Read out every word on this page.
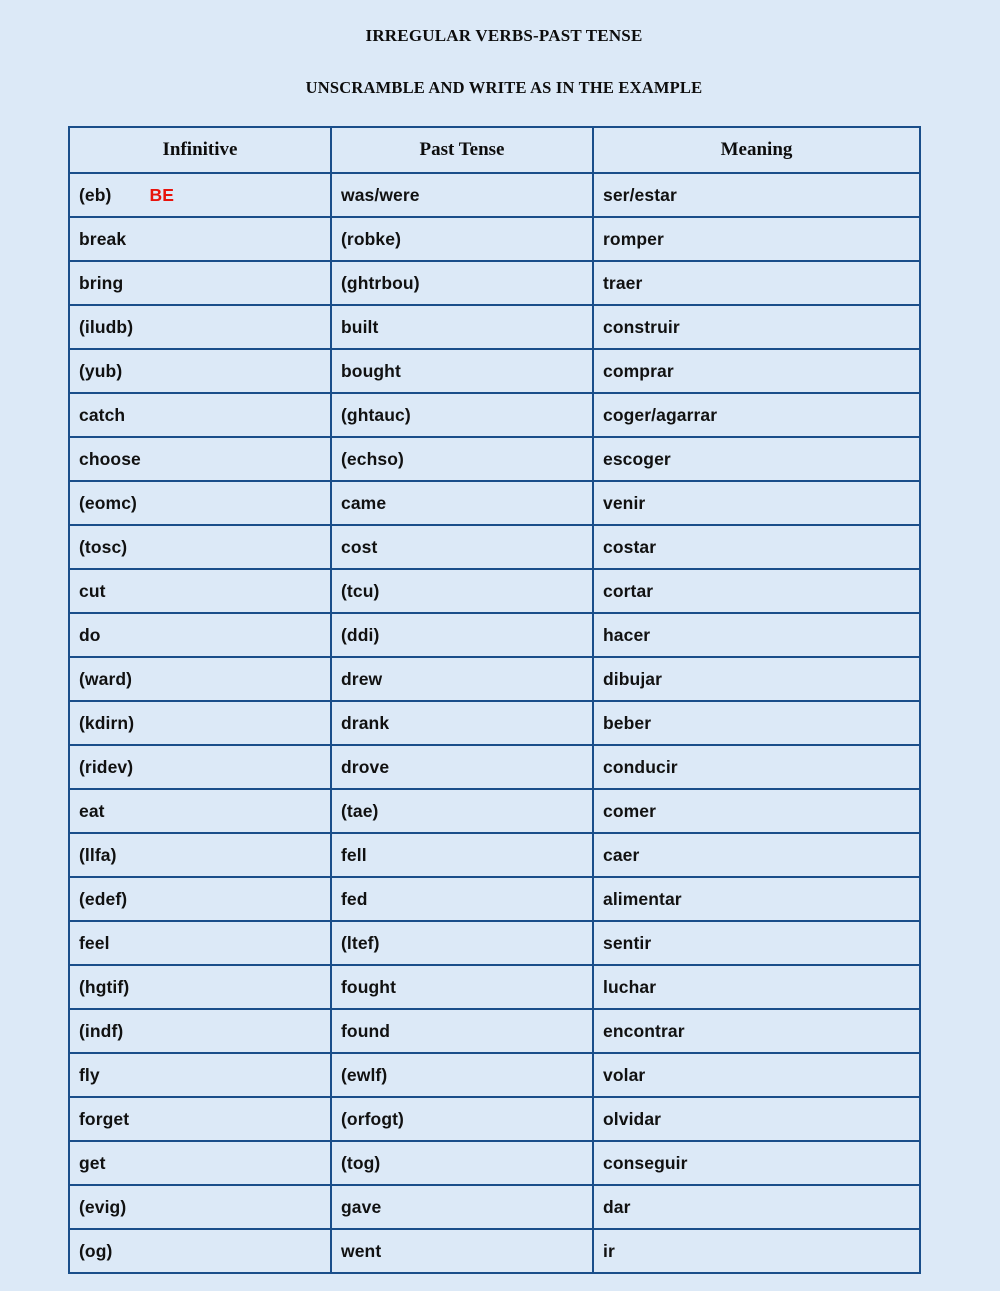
IRREGULAR VERBS-PAST TENSE
UNSCRAMBLE AND WRITE AS IN THE EXAMPLE
Infinitive	Past Tense	Meaning
(eb) BE	was/were	ser/estar
break	(robke)	romper
bring	(ghtrbou)	traer
(iludb)	built	construir
(yub)	bought	comprar
catch	(ghtauc)	coger/agarrar
choose	(echso)	escoger
(eomc)	came	venir
(tosc)	cost	costar
cut	(tcu)	cortar
do	(ddi)	hacer
(ward)	drew	dibujar
(kdirn)	drank	beber
(ridev)	drove	conducir
eat	(tae)	comer
(llfa)	fell	caer
(edef)	fed	alimentar
feel	(ltef)	sentir
(hgtif)	fought	luchar
(indf)	found	encontrar
fly	(ewlf)	volar
forget	(orfogt)	olvidar
get	(tog)	conseguir
(evig)	gave	dar
(og)	went	ir
